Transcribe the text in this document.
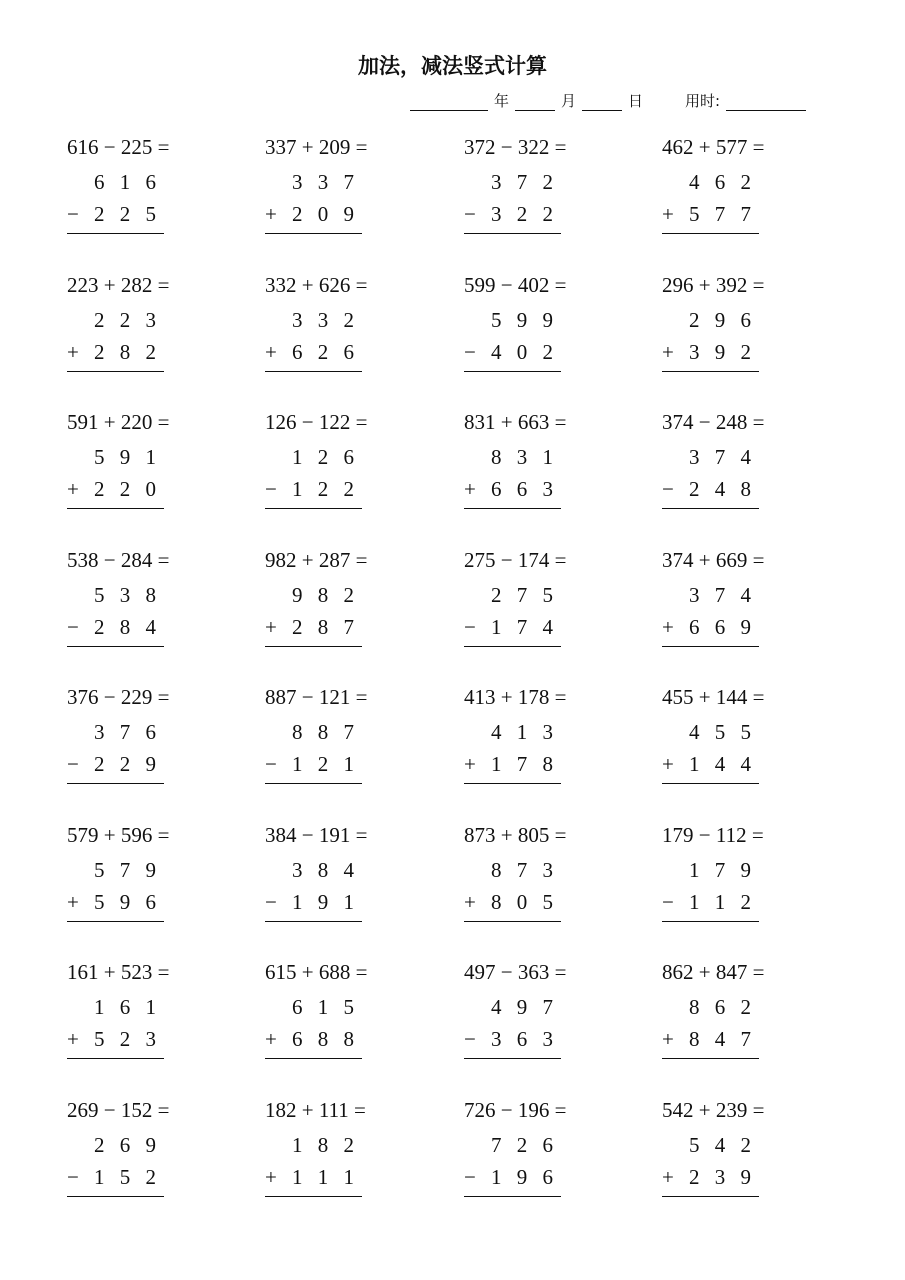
加法，减法竖式计算
年	月	日	用时:
616 − 225 =
6 1 6
− 2 2 5
337 + 209 =
3 3 7
+ 2 0 9
372 − 322 =
3 7 2
− 3 2 2
462 + 577 =
4 6 2
+ 5 7 7
223 + 282 =
2 2 3
+ 2 8 2
332 + 626 =
3 3 2
+ 6 2 6
599 − 402 =
5 9 9
− 4 0 2
296 + 392 =
2 9 6
+ 3 9 2
591 + 220 =
5 9 1
+ 2 2 0
126 − 122 =
1 2 6
− 1 2 2
831 + 663 =
8 3 1
+ 6 6 3
374 − 248 =
3 7 4
− 2 4 8
538 − 284 =
5 3 8
− 2 8 4
982 + 287 =
9 8 2
+ 2 8 7
275 − 174 =
2 7 5
− 1 7 4
374 + 669 =
3 7 4
+ 6 6 9
376 − 229 =
3 7 6
− 2 2 9
887 − 121 =
8 8 7
− 1 2 1
413 + 178 =
4 1 3
+ 1 7 8
455 + 144 =
4 5 5
+ 1 4 4
579 + 596 =
5 7 9
+ 5 9 6
384 − 191 =
3 8 4
− 1 9 1
873 + 805 =
8 7 3
+ 8 0 5
179 − 112 =
1 7 9
− 1 1 2
161 + 523 =
1 6 1
+ 5 2 3
615 + 688 =
6 1 5
+ 6 8 8
497 − 363 =
4 9 7
− 3 6 3
862 + 847 =
8 6 2
+ 8 4 7
269 − 152 =
2 6 9
− 1 5 2
182 + 111 =
1 8 2
+ 1 1 1
726 − 196 =
7 2 6
− 1 9 6
542 + 239 =
5 4 2
+ 2 3 9
